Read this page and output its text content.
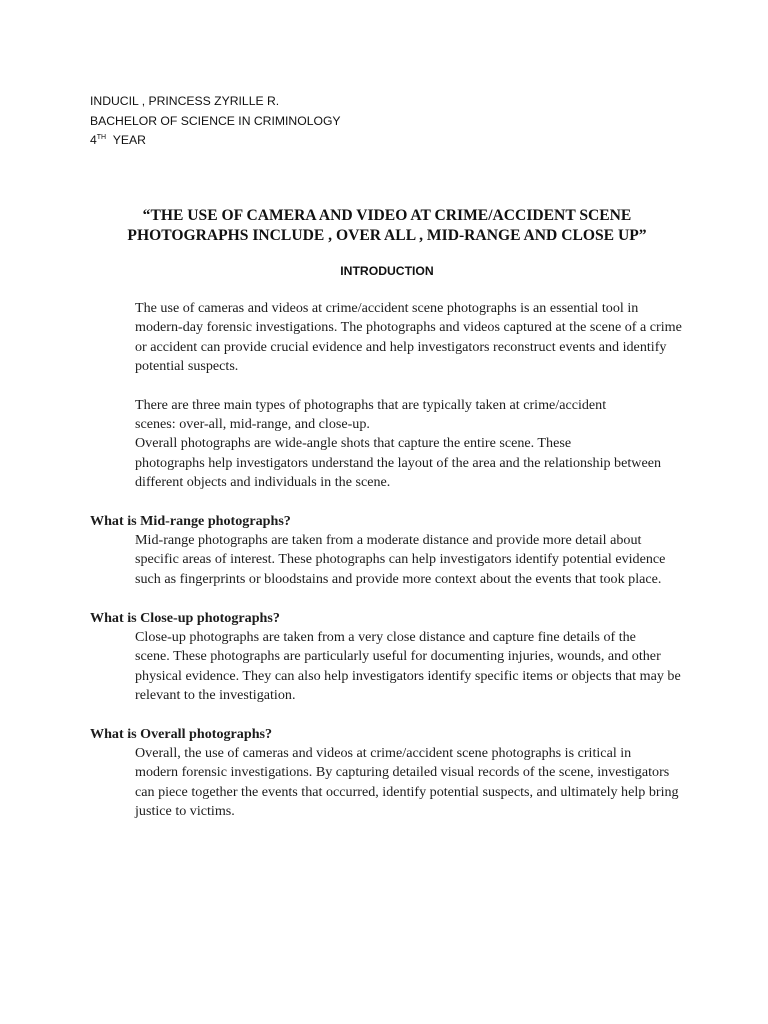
INDUCIL , PRINCESS ZYRILLE R.
BACHELOR OF SCIENCE IN CRIMINOLOGY
4TH YEAR
“THE USE OF CAMERA AND VIDEO AT CRIME/ACCIDENT SCENE
PHOTOGRAPHS INCLUDE , OVER ALL , MID-RANGE AND CLOSE UP”
INTRODUCTION

The use of cameras and videos at crime/accident scene photographs is an essential tool in
modern-day forensic investigations. The photographs and videos captured at the scene of a crime
or accident can provide crucial evidence and help investigators reconstruct events and identify
potential suspects.

There are three main types of photographs that are typically taken at crime/accident
scenes: over-all, mid-range, and close-up.

Overall photographs are wide-angle shots that capture the entire scene. These
photographs help investigators understand the layout of the area and the relationship between
different objects and individuals in the scene.

What is Mid-range photographs?

Mid-range photographs are taken from a moderate distance and provide more detail about
specific areas of interest. These photographs can help investigators identify potential evidence
such as fingerprints or bloodstains and provide more context about the events that took place.

What is Close-up photographs?

Close-up photographs are taken from a very close distance and capture fine details of the
scene. These photographs are particularly useful for documenting injuries, wounds, and other
physical evidence. They can also help investigators identify specific items or objects that may be
relevant to the investigation.

What is Overall photographs?

Overall, the use of cameras and videos at crime/accident scene photographs is critical in
modern forensic investigations. By capturing detailed visual records of the scene, investigators
can piece together the events that occurred, identify potential suspects, and ultimately help bring
justice to victims.
